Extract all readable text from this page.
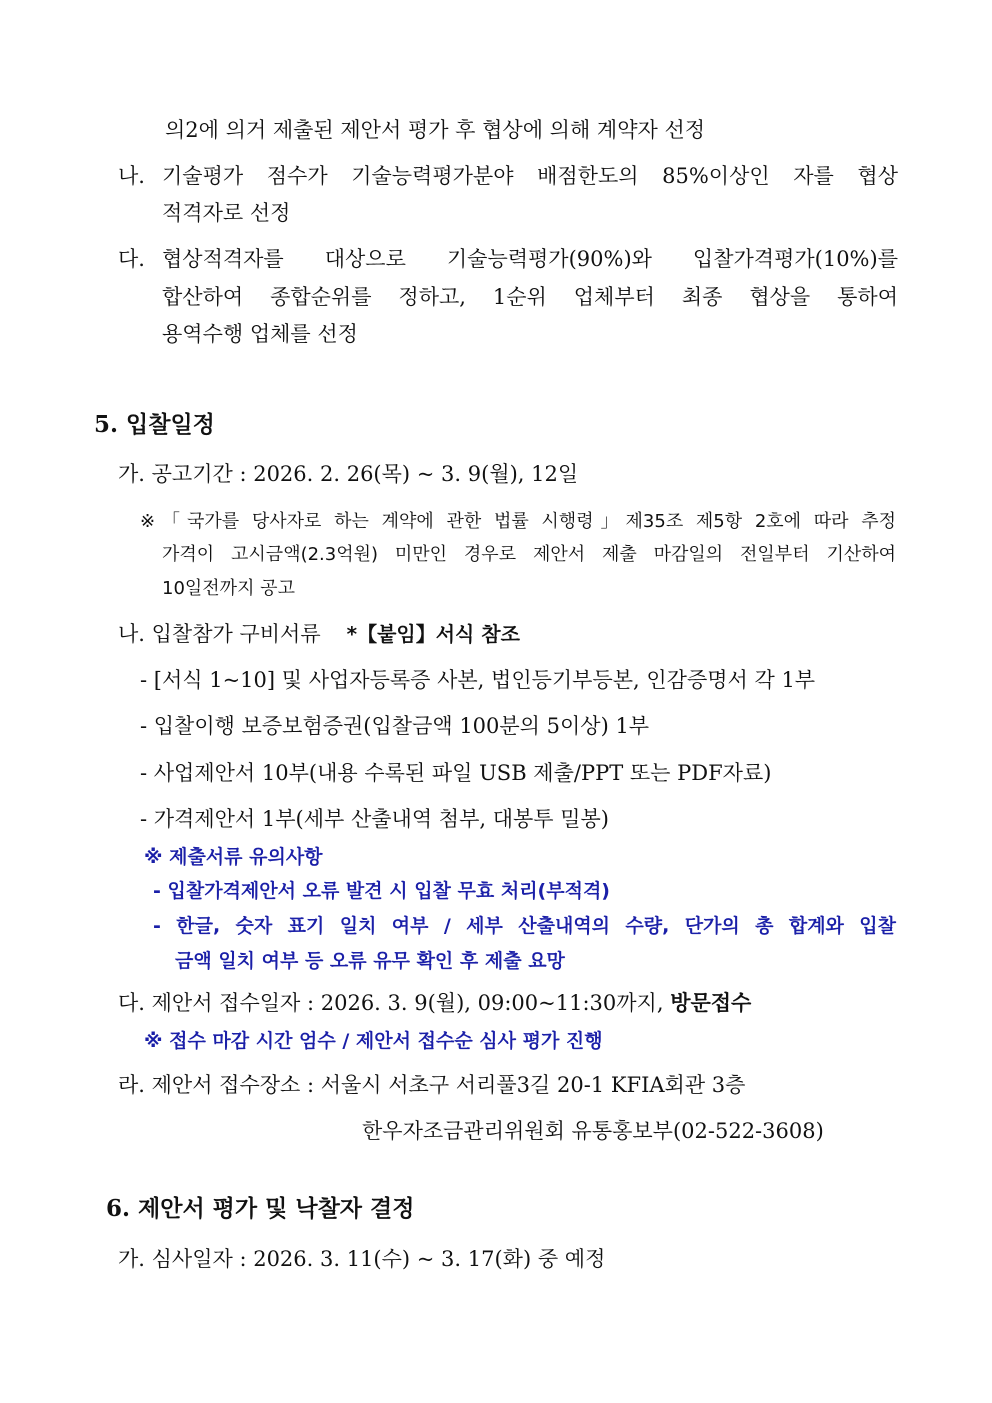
의2에 의거 제출된 제안서 평가 후 협상에 의해 계약자 선정
나. 기술평가 점수가 기술능력평가분야 배점한도의 85%이상인 자를 협상
적격자로 선정
다. 협상적격자를 대상으로 기술능력평가(90%)와 입찰가격평가(10%)를
합산하여 종합순위를 정하고, 1순위 업체부터 최종 협상을 통하여
용역수행 업체를 선정
5. 입찰일정
가. 공고기간 : 2026. 2. 26(목) ~ 3. 9(월), 12일
※「국가를 당사자로 하는 계약에 관한 법률 시행령」제35조 제5항 2호에 따라 추정
가격이 고시금액(2.3억원) 미만인 경우로 제안서 제출 마감일의 전일부터 기산하여
10일전까지 공고
나. 입찰참가 구비서류 *【붙임】서식 참조
- [서식 1~10] 및 사업자등록증 사본, 법인등기부등본, 인감증명서 각 1부
- 입찰이행 보증보험증권(입찰금액 100분의 5이상) 1부
- 사업제안서 10부(내용 수록된 파일 USB 제출/PPT 또는 PDF자료)
- 가격제안서 1부(세부 산출내역 첨부, 대봉투 밀봉)
※ 제출서류 유의사항
- 입찰가격제안서 오류 발견 시 입찰 무효 처리(부적격)
- 한글, 숫자 표기 일치 여부 / 세부 산출내역의 수량, 단가의 총 합계와 입찰
금액 일치 여부 등 오류 유무 확인 후 제출 요망
다. 제안서 접수일자 : 2026. 3. 9(월), 09:00~11:30까지, 방문접수
※ 접수 마감 시간 엄수 / 제안서 접수순 심사 평가 진행
라. 제안서 접수장소 : 서울시 서초구 서리풀3길 20-1 KFIA회관 3층
한우자조금관리위원회 유통홍보부(02-522-3608)
6. 제안서 평가 및 낙찰자 결정
가. 심사일자 : 2026. 3. 11(수) ~ 3. 17(화) 중 예정
